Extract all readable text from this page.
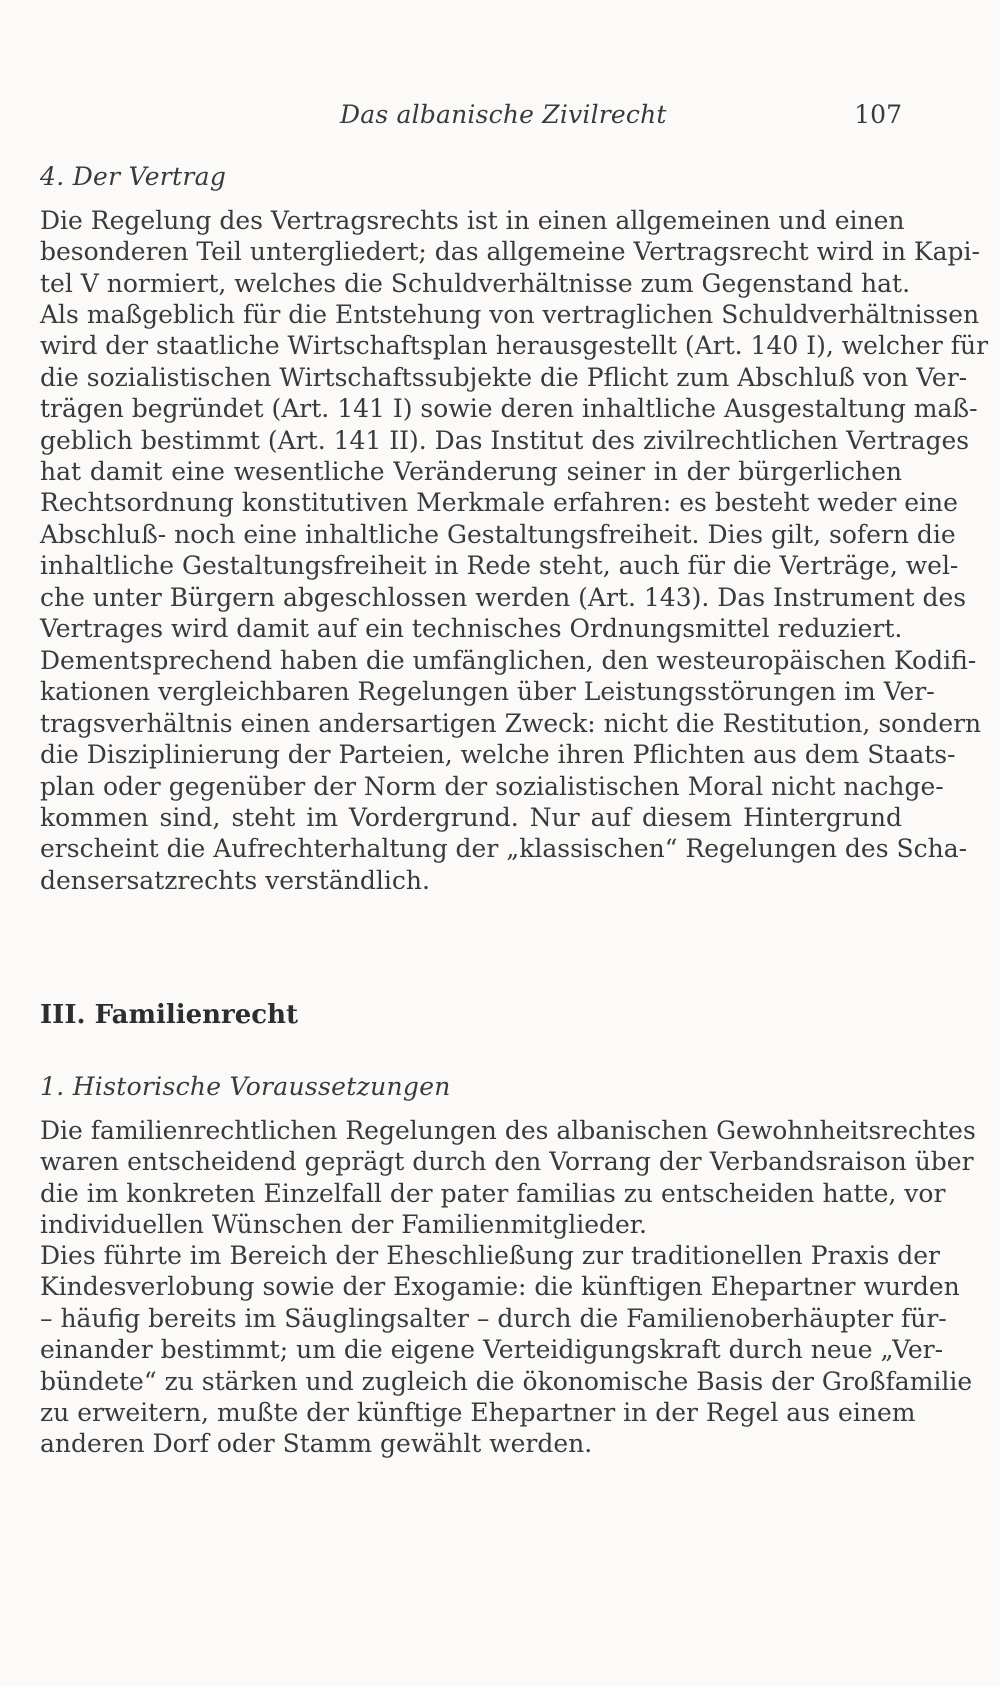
Das albanische Zivilrecht	107
4. Der Vertrag
Die Regelung des Vertragsrechts ist in einen allgemeinen und einen
besonderen Teil untergliedert; das allgemeine Vertragsrecht wird in Kapi-
tel V normiert, welches die Schuldverhältnisse zum Gegenstand hat.
Als maßgeblich für die Entstehung von vertraglichen Schuldverhältnissen
wird der staatliche Wirtschaftsplan herausgestellt (Art. 140 I), welcher für
die sozialistischen Wirtschaftssubjekte die Pflicht zum Abschluß von Ver-
trägen begründet (Art. 141 I) sowie deren inhaltliche Ausgestaltung maß-
geblich bestimmt (Art. 141 II). Das Institut des zivilrechtlichen Vertrages
hat damit eine wesentliche Veränderung seiner in der bürgerlichen
Rechtsordnung konstitutiven Merkmale erfahren: es besteht weder eine
Abschluß- noch eine inhaltliche Gestaltungsfreiheit. Dies gilt, sofern die
inhaltliche Gestaltungsfreiheit in Rede steht, auch für die Verträge, wel-
che unter Bürgern abgeschlossen werden (Art. 143). Das Instrument des
Vertrages wird damit auf ein technisches Ordnungsmittel reduziert.
Dementsprechend haben die umfänglichen, den westeuropäischen Kodifi-
kationen vergleichbaren Regelungen über Leistungsstörungen im Ver-
tragsverhältnis einen andersartigen Zweck: nicht die Restitution, sondern
die Disziplinierung der Parteien, welche ihren Pflichten aus dem Staats-
plan oder gegenüber der Norm der sozialistischen Moral nicht nachge-
kommen sind, steht im Vordergrund. Nur auf diesem Hintergrund
erscheint die Aufrechterhaltung der „klassischen“ Regelungen des Scha-
densersatzrechts verständlich.
III. Familienrecht
1. Historische Voraussetzungen
Die familienrechtlichen Regelungen des albanischen Gewohnheitsrechtes
waren entscheidend geprägt durch den Vorrang der Verbandsraison über
die im konkreten Einzelfall der pater familias zu entscheiden hatte, vor
individuellen Wünschen der Familienmitglieder.
Dies führte im Bereich der Eheschließung zur traditionellen Praxis der
Kindesverlobung sowie der Exogamie: die künftigen Ehepartner wurden
– häufig bereits im Säuglingsalter – durch die Familienoberhäupter für-
einander bestimmt; um die eigene Verteidigungskraft durch neue „Ver-
bündete“ zu stärken und zugleich die ökonomische Basis der Großfamilie
zu erweitern, mußte der künftige Ehepartner in der Regel aus einem
anderen Dorf oder Stamm gewählt werden.
